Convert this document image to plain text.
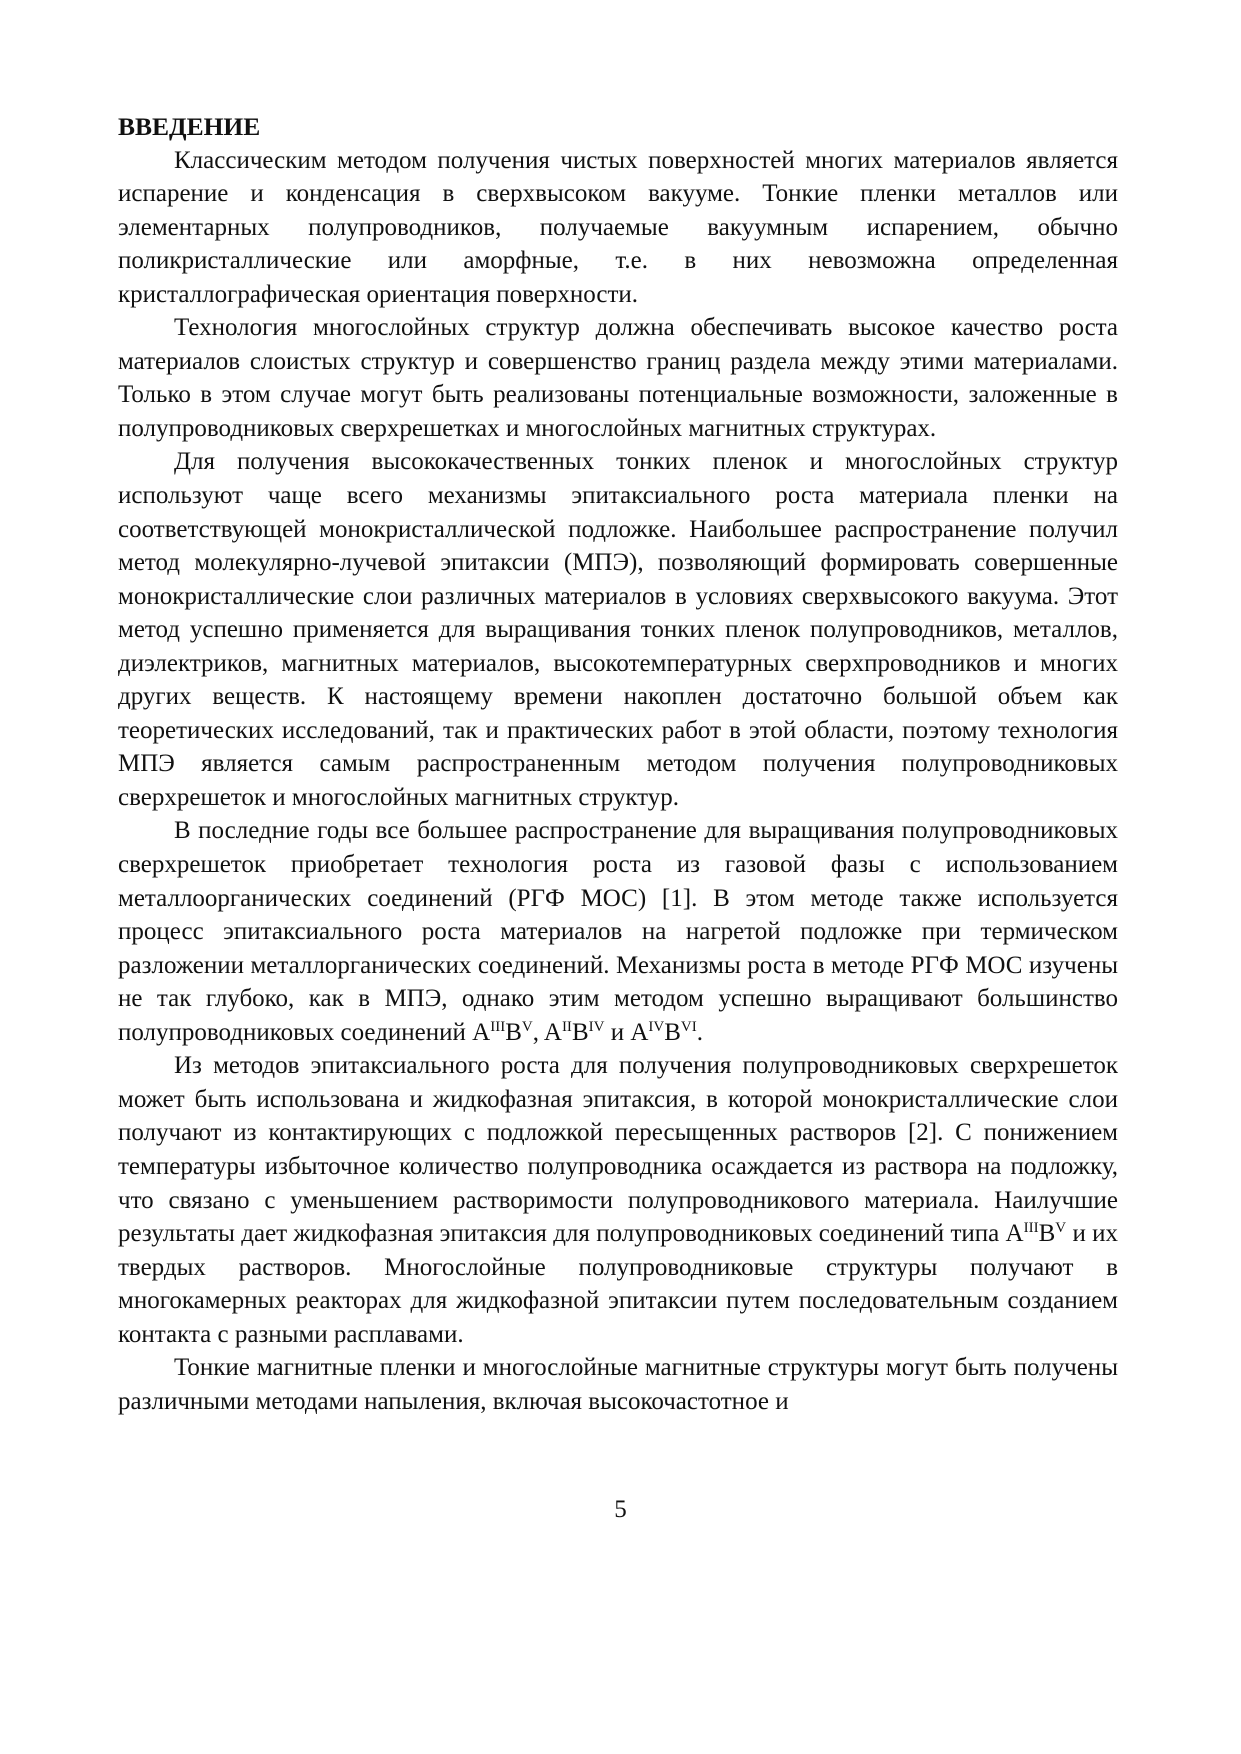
ВВЕДЕНИЕ

Классическим методом получения чистых поверхностей многих материалов является испарение и конденсация в сверхвысоком вакууме. Тонкие пленки металлов или элементарных полупроводников, получаемые вакуумным испарением, обычно поликристаллические или аморфные, т.е. в них невозможна определенная кристаллографическая ориентация поверхности.

Технология многослойных структур должна обеспечивать высокое качество роста материалов слоистых структур и совершенство границ раздела между этими материалами. Только в этом случае могут быть реализованы потенциальные возможности, заложенные в полупроводниковых сверхрешетках и многослойных магнитных структурах.

Для получения высококачественных тонких пленок и многослойных структур используют чаще всего механизмы эпитаксиального роста материала пленки на соответствующей монокристаллической подложке. Наибольшее распространение получил метод молекулярно-лучевой эпитаксии (МПЭ), позволяющий формировать совершенные монокристаллические слои различных материалов в условиях сверхвысокого вакуума. Этот метод успешно применяется для выращивания тонких пленок полупроводников, металлов, диэлектриков, магнитных материалов, высокотемпературных сверхпроводников и многих других веществ. К настоящему времени накоплен достаточно большой объем как теоретических исследований, так и практических работ в этой области, поэтому технология МПЭ является самым распространенным методом получения полупроводниковых сверхрешеток и многослойных магнитных структур.

В последние годы все большее распространение для выращивания полупроводниковых сверхрешеток приобретает технология роста из газовой фазы с использованием металлоорганических соединений (РГФ МОС) [1]. В этом методе также используется процесс эпитаксиального роста материалов на нагретой подложке при термическом разложении металлорганических соединений. Механизмы роста в методе РГФ МОС изучены не так глубоко, как в МПЭ, однако этим методом успешно выращивают большинство полупроводниковых соединений $A^{III}B^V$, $A^{II}B^{IV}$ и $A^{IV}B^{VI}$.

Из методов эпитаксиального роста для получения полупроводниковых сверхрешеток может быть использована и жидкофазная эпитаксия, в которой монокристаллические слои получают из контактирующих с подложкой пересыщенных растворов [2]. С понижением температуры избыточное количество полупроводника осаждается из раствора на подложку, что связано с уменьшением растворимости полупроводникового материала. Наилучшие результаты дает жидкофазная эпитаксия для полупроводниковых соединений типа $A^{III}B^V$ и их твердых растворов. Многослойные полупроводниковые структуры получают в многокамерных реакторах для жидкофазной эпитаксии путем последовательным созданием контакта с разными расплавами.

Тонкие магнитные пленки и многослойные магнитные структуры могут быть получены различными методами напыления, включая высокочастотное и

5
